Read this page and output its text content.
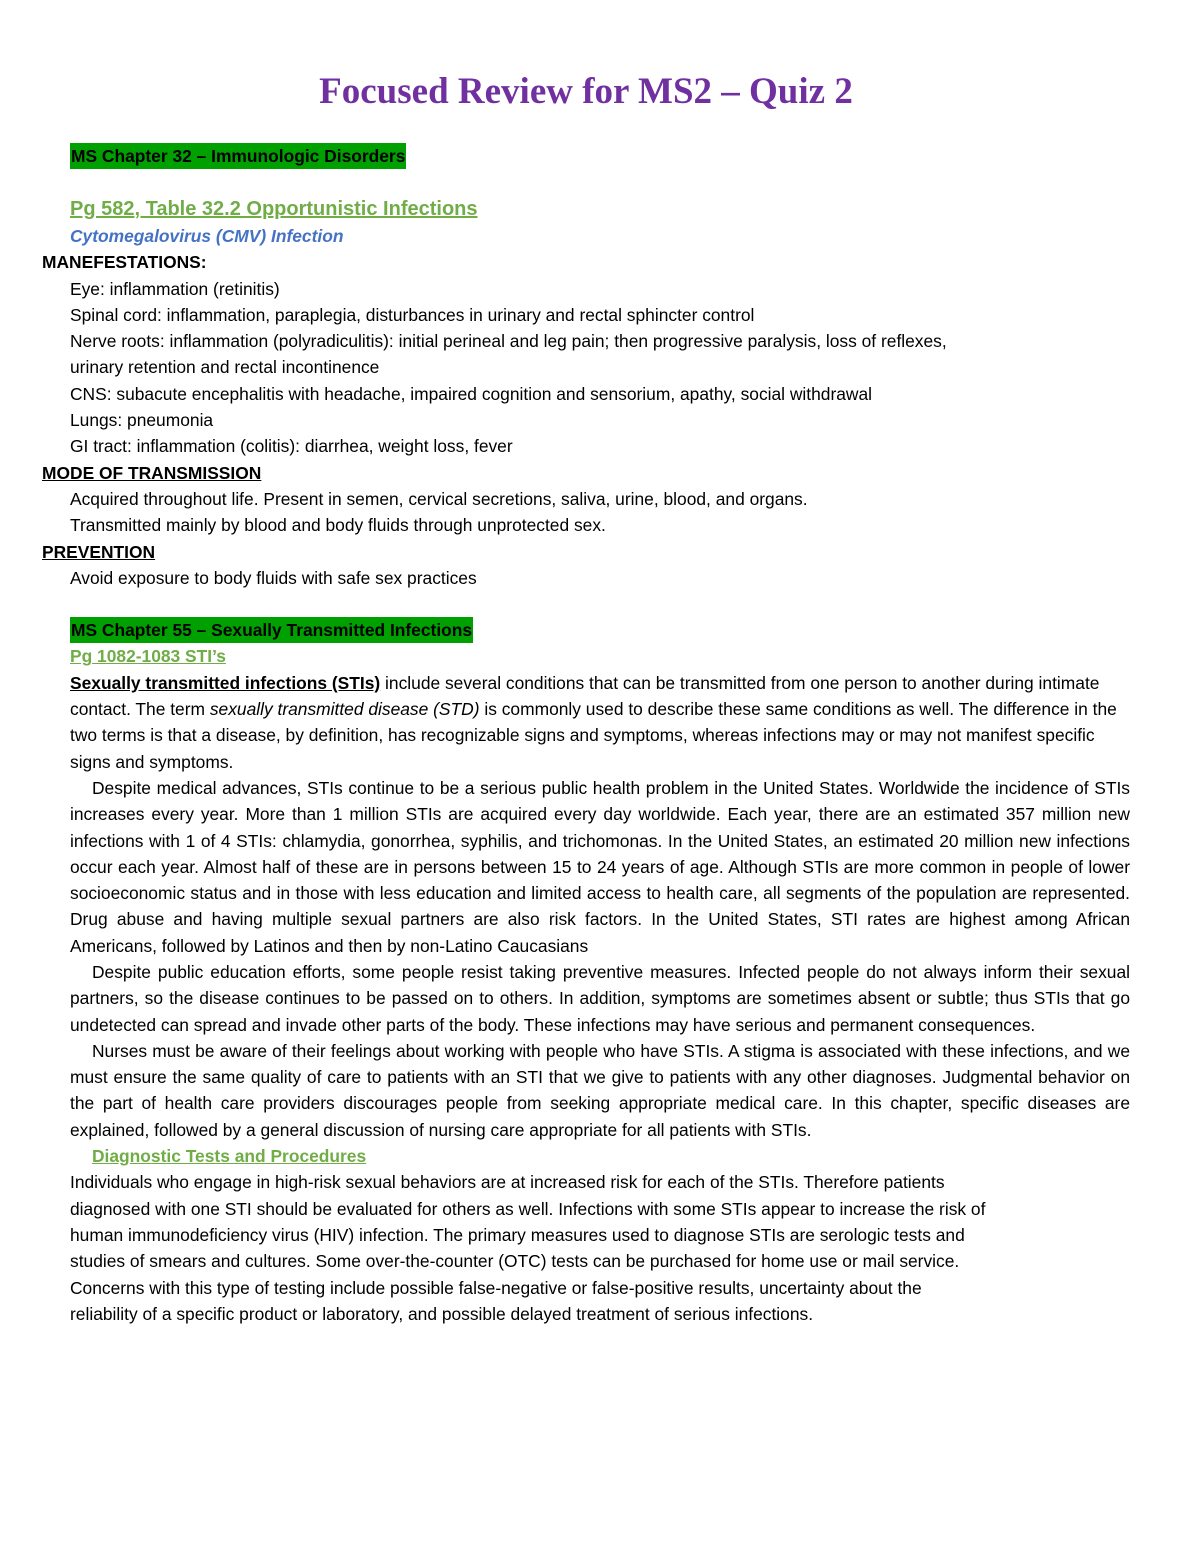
Focused Review for MS2 – Quiz 2
MS Chapter 32 – Immunologic Disorders
Pg 582, Table 32.2 Opportunistic Infections
Cytomegalovirus (CMV) Infection
MANEFESTATIONS:
Eye: inflammation (retinitis)
Spinal cord: inflammation, paraplegia, disturbances in urinary and rectal sphincter control
Nerve roots: inflammation (polyradiculitis): initial perineal and leg pain; then progressive paralysis, loss of reflexes,
urinary retention and rectal incontinence
CNS: subacute encephalitis with headache, impaired cognition and sensorium, apathy, social withdrawal
Lungs: pneumonia
GI tract: inflammation (colitis): diarrhea, weight loss, fever
MODE OF TRANSMISSION
Acquired throughout life. Present in semen, cervical secretions, saliva, urine, blood, and organs.
Transmitted mainly by blood and body fluids through unprotected sex.
PREVENTION
Avoid exposure to body fluids with safe sex practices
MS Chapter 55 – Sexually Transmitted Infections
Pg 1082-1083 STI’s
Sexually transmitted infections (STIs) include several conditions that can be transmitted from one person to another during intimate contact. The term sexually transmitted disease (STD) is commonly used to describe these same conditions as well. The difference in the two terms is that a disease, by definition, has recognizable signs and symptoms, whereas infections may or may not manifest specific signs and symptoms.
Despite medical advances, STIs continue to be a serious public health problem in the United States. Worldwide the incidence of STIs increases every year. More than 1 million STIs are acquired every day worldwide. Each year, there are an estimated 357 million new infections with 1 of 4 STIs: chlamydia, gonorrhea, syphilis, and trichomonas. In the United States, an estimated 20 million new infections occur each year. Almost half of these are in persons between 15 to 24 years of age. Although STIs are more common in people of lower socioeconomic status and in those with less education and limited access to health care, all segments of the population are represented. Drug abuse and having multiple sexual partners are also risk factors. In the United States, STI rates are highest among African Americans, followed by Latinos and then by non-Latino Caucasians
Despite public education efforts, some people resist taking preventive measures. Infected people do not always inform their sexual partners, so the disease continues to be passed on to others. In addition, symptoms are sometimes absent or subtle; thus STIs that go undetected can spread and invade other parts of the body. These infections may have serious and permanent consequences.
Nurses must be aware of their feelings about working with people who have STIs. A stigma is associated with these infections, and we must ensure the same quality of care to patients with an STI that we give to patients with any other diagnoses. Judgmental behavior on the part of health care providers discourages people from seeking appropriate medical care. In this chapter, specific diseases are explained, followed by a general discussion of nursing care appropriate for all patients with STIs.
Diagnostic Tests and Procedures
Individuals who engage in high-risk sexual behaviors are at increased risk for each of the STIs. Therefore patients
diagnosed with one STI should be evaluated for others as well. Infections with some STIs appear to increase the risk of
human immunodeficiency virus (HIV) infection. The primary measures used to diagnose STIs are serologic tests and
studies of smears and cultures. Some over-the-counter (OTC) tests can be purchased for home use or mail service.
Concerns with this type of testing include possible false-negative or false-positive results, uncertainty about the
reliability of a specific product or laboratory, and possible delayed treatment of serious infections.
